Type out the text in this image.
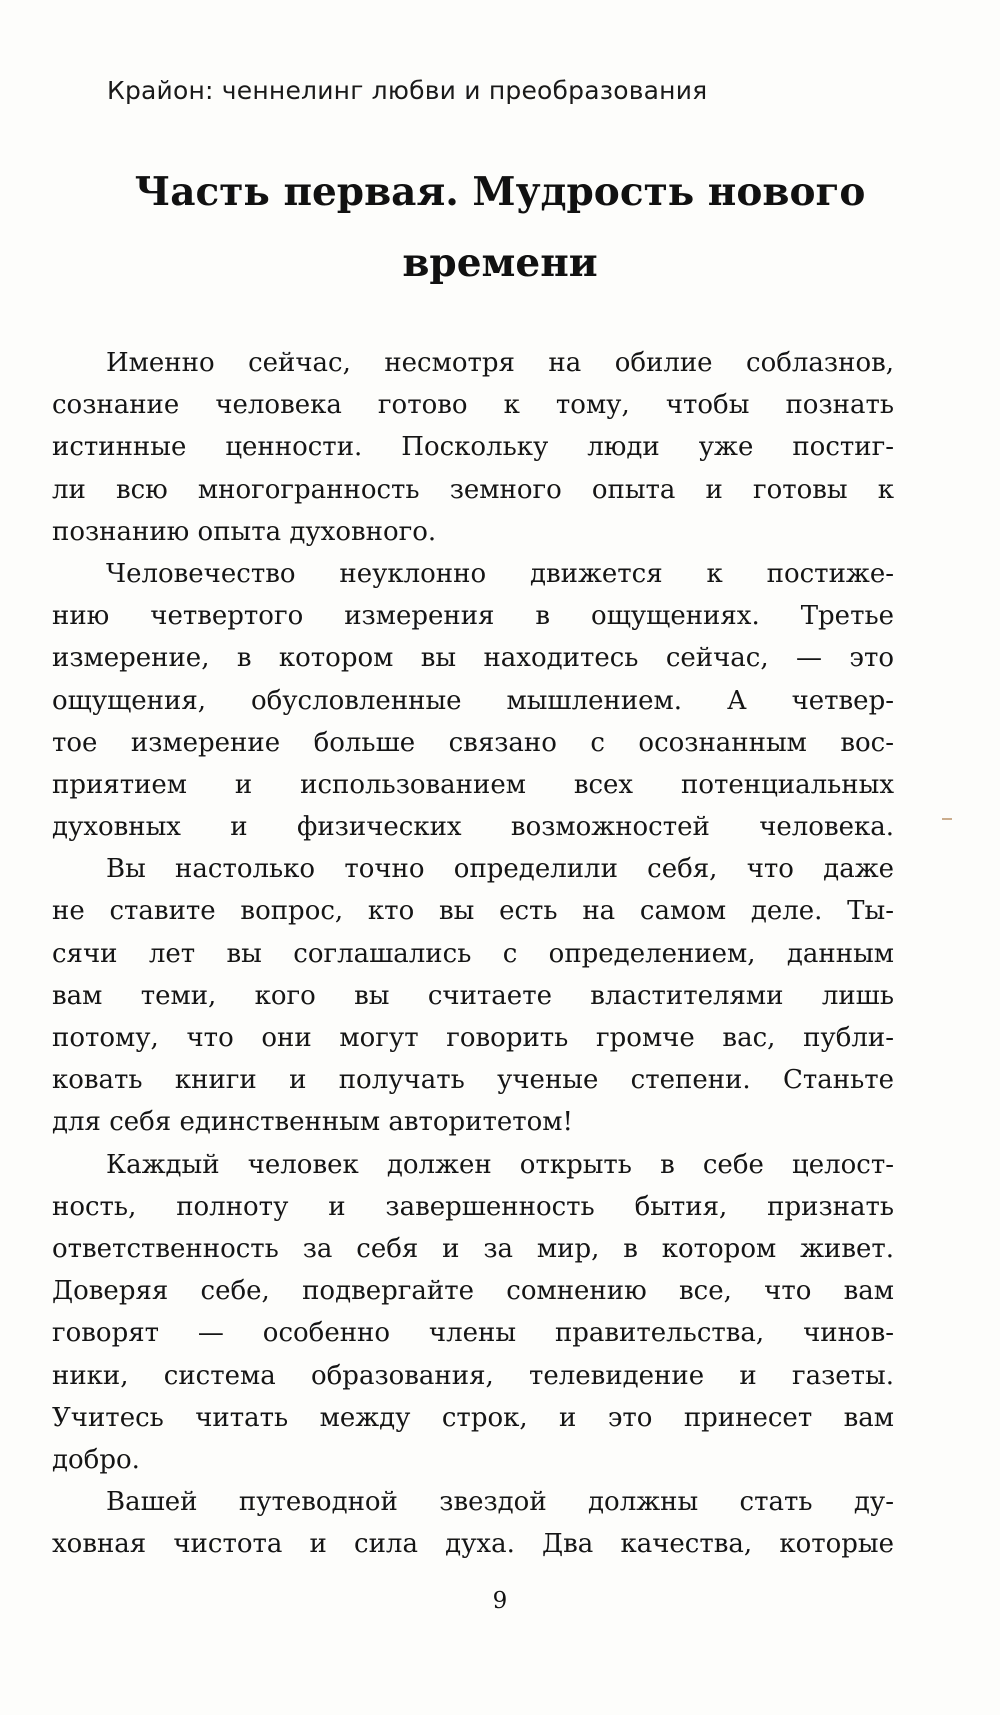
Крайон: ченнелинг любви и преобразования
Часть первая. Мудрость нового
времени
Именно сейчас, несмотря на обилие соблазнов,
сознание человека готово к тому, чтобы познать
истинные ценности. Поскольку люди уже постиг-
ли всю многогранность земного опыта и готовы к
познанию опыта духовного.
Человечество неуклонно движется к постиже-
нию четвертого измерения в ощущениях. Третье
измерение, в котором вы находитесь сейчас, — это
ощущения, обусловленные мышлением. А четвер-
тое измерение больше связано с осознанным вос-
приятием и использованием всех потенциальных
духовных и физических возможностей человека.
Вы настолько точно определили себя, что даже
не ставите вопрос, кто вы есть на самом деле. Ты-
сячи лет вы соглашались с определением, данным
вам теми, кого вы считаете властителями лишь
потому, что они могут говорить громче вас, публи-
ковать книги и получать ученые степени. Станьте
для себя единственным авторитетом!
Каждый человек должен открыть в себе целост-
ность, полноту и завершенность бытия, признать
ответственность за себя и за мир, в котором живет.
Доверяя себе, подвергайте сомнению все, что вам
говорят — особенно члены правительства, чинов-
ники, система образования, телевидение и газеты.
Учитесь читать между строк, и это принесет вам
добро.
Вашей путеводной звездой должны стать ду-
ховная чистота и сила духа. Два качества, которые
9
